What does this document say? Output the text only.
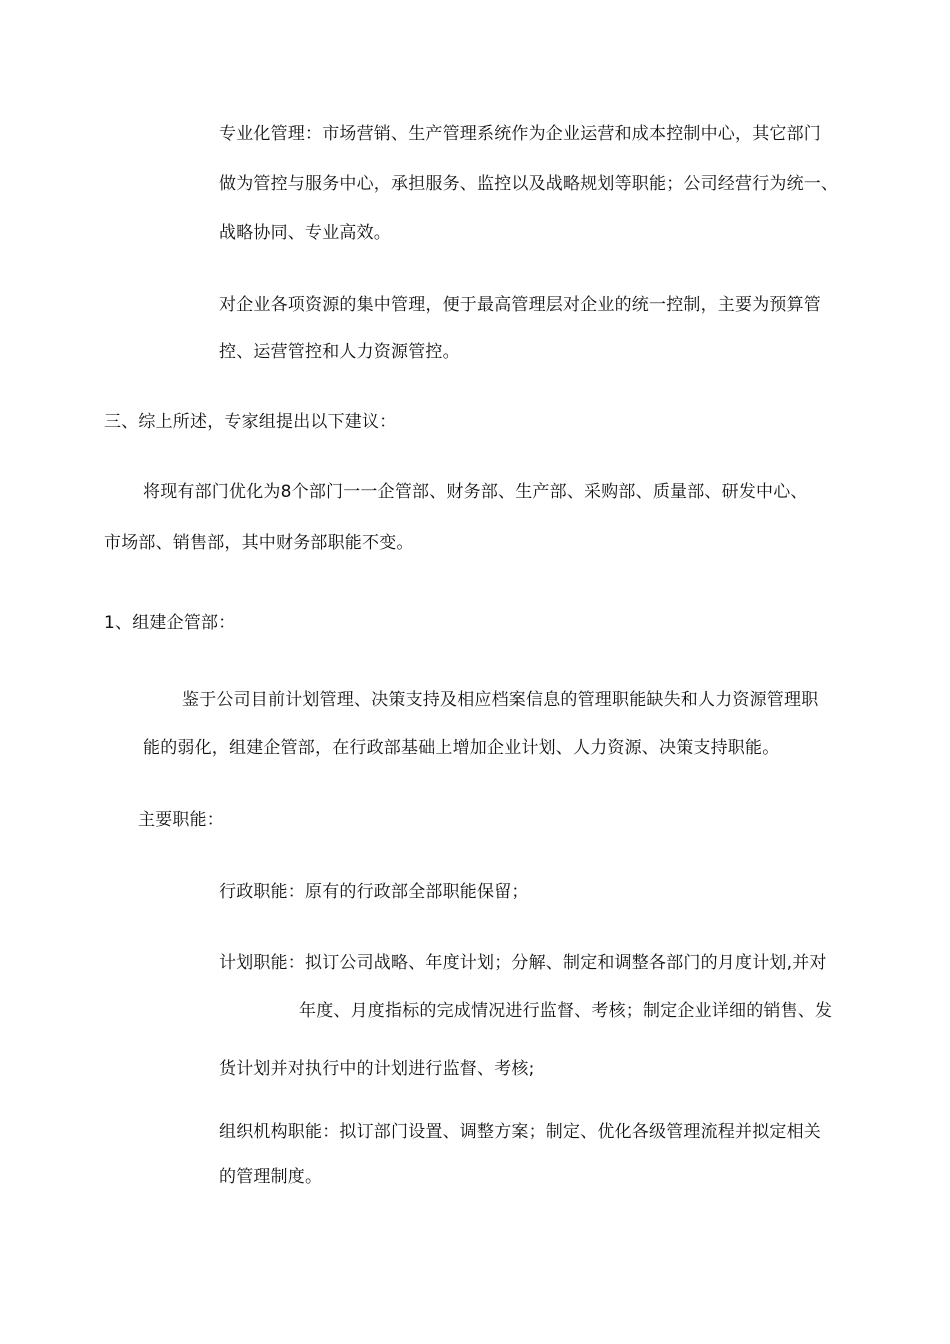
专业化管理：市场营销、生产管理系统作为企业运营和成本控制中心，其它部门
做为管控与服务中心，承担服务、监控以及战略规划等职能；公司经营行为统一、
战略协同、专业高效。
对企业各项资源的集中管理，便于最高管理层对企业的统一控制，主要为预算管
控、运营管控和人力资源管控。
三、综上所述，专家组提出以下建议：
将现有部门优化为8个部门一一企管部、财务部、生产部、采购部、质量部、研发中心、
市场部、销售部，其中财务部职能不变。
1、组建企管部：
鉴于公司目前计划管理、决策支持及相应档案信息的管理职能缺失和人力资源管理职
能的弱化，组建企管部，在行政部基础上增加企业计划、人力资源、决策支持职能。
主要职能：
行政职能：原有的行政部全部职能保留；
计划职能：拟订公司战略、年度计划；分解、制定和调整各部门的月度计划,并对
年度、月度指标的完成情况进行监督、考核；制定企业详细的销售、发
货计划并对执行中的计划进行监督、考核;
组织机构职能：拟订部门设置、调整方案；制定、优化各级管理流程并拟定相关
的管理制度。
